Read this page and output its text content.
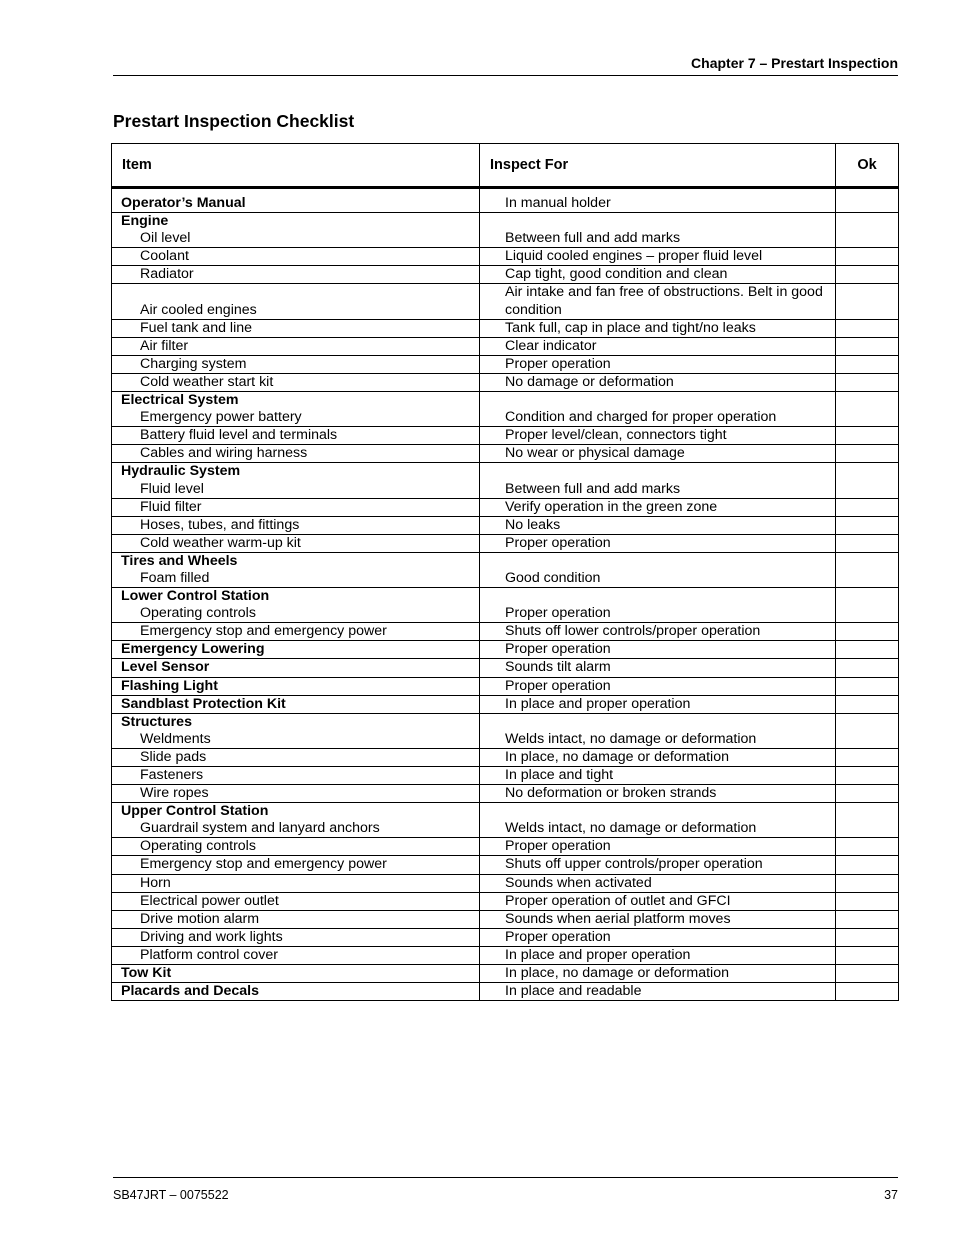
Chapter 7 – Prestart Inspection
Prestart Inspection Checklist
Item	Inspect For	Ok
Operator’s Manual	In manual holder	

Engine
Oil level	Between full and add marks	
Coolant	Liquid cooled engines – proper fluid level	
Radiator	Cap tight, good condition and clean	
Air cooled engines	Air intake and fan free of obstructions. Belt in good condition	
Fuel tank and line	Tank full, cap in place and tight/no leaks	
Air filter	Clear indicator	
Charging system	Proper operation	
Cold weather start kit	No damage or deformation	

Electrical System
Emergency power battery	Condition and charged for proper operation	
Battery fluid level and terminals	Proper level/clean, connectors tight	
Cables and wiring harness	No wear or physical damage	

Hydraulic System
Fluid level	Between full and add marks	
Fluid filter	Verify operation in the green zone	
Hoses, tubes, and fittings	No leaks	
Cold weather warm-up kit	Proper operation	

Tires and Wheels
Foam filled	Good condition	

Lower Control Station
Operating controls	Proper operation	
Emergency stop and emergency power	Shuts off lower controls/proper operation	
Emergency Lowering	Proper operation	
Level Sensor	Sounds tilt alarm	
Flashing Light	Proper operation	
Sandblast Protection Kit	In place and proper operation	

Structures
Weldments	Welds intact, no damage or deformation	
Slide pads	In place, no damage or deformation	
Fasteners	In place and tight	
Wire ropes	No deformation or broken strands	

Upper Control Station
Guardrail system and lanyard anchors	Welds intact, no damage or deformation	
Operating controls	Proper operation	
Emergency stop and emergency power	Shuts off upper controls/proper operation	
Horn	Sounds when activated	
Electrical power outlet	Proper operation of outlet and GFCI	
Drive motion alarm	Sounds when aerial platform moves	
Driving and work lights	Proper operation	
Platform control cover	In place and proper operation	
Tow Kit	In place, no damage or deformation	
Placards and Decals	In place and readable	
SB47JRT – 0075522	37
